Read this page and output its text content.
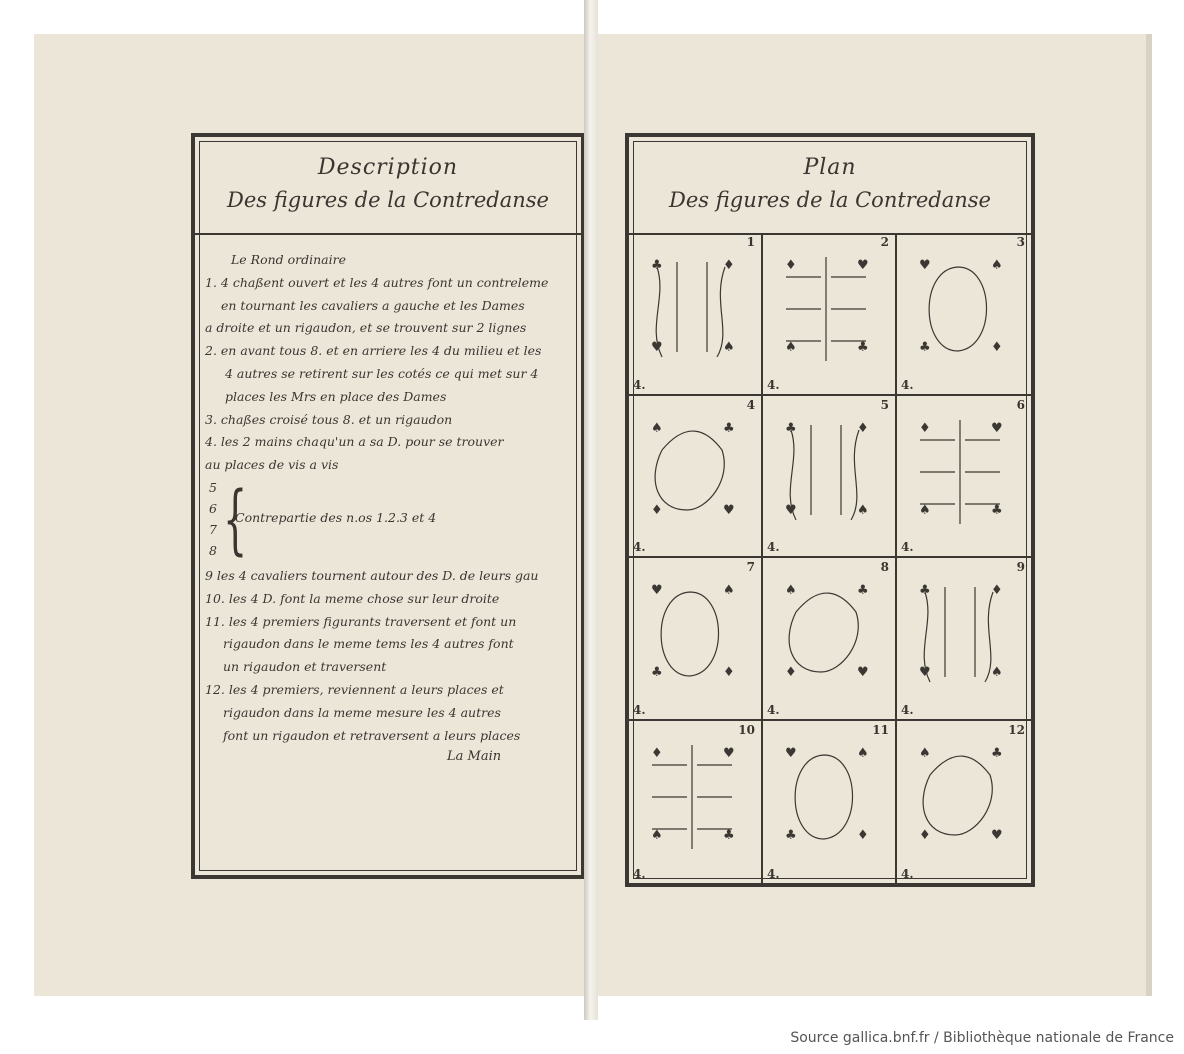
Description
Des figures de la Contredanse
Le Rond ordinaire
1. 4 chaßent ouvert et les 4 autres font un contreleme
en tournant les cavaliers a gauche et les Dames
a droite et un rigaudon, et se trouvent sur 2 lignes
2. en avant tous 8. et en arriere les 4 du milieu et les
4 autres se retirent sur les cotés ce qui met sur 4
places les Mrs en place des Dames
3. chaßes croisé tous 8. et un rigaudon
4. les 2 mains chaqu'un a sa D. pour se trouver
au places de vis a vis
5
6
7
8 {
Contrepartie des n.os 1.2.3 et 4
9 les 4 cavaliers tournent autour des D. de leurs gau
10. les 4 D. font la meme chose sur leur droite
11. les 4 premiers figurants traversent et font un
rigaudon dans le meme tems les 4 autres font
un rigaudon et traversent
12. les 4 premiers, reviennent a leurs places et
rigaudon dans la meme mesure les 4 autres
font un rigaudon et retraversent a leurs places
La Main
Plan
Des figures de la Contredanse
♣	♦
♥	♠
1
4.
♦	♥
♠	♣
2
4.
♥	♠
♣	♦
3
4.
♠	♣
♦	♥
4
4.
♣	♦
♥	♠
5
4.
♦	♥
♠	♣
6
4.
♥	♠
♣	♦
7
4.
♠	♣
♦	♥
8
4.
♣	♦
♥	♠
9
4.
♦	♥
♠	♣
10
4.
♥	♠
♣	♦
11
4.
♠	♣
♦	♥
12
4.
Source gallica.bnf.fr / Bibliothèque nationale de France
